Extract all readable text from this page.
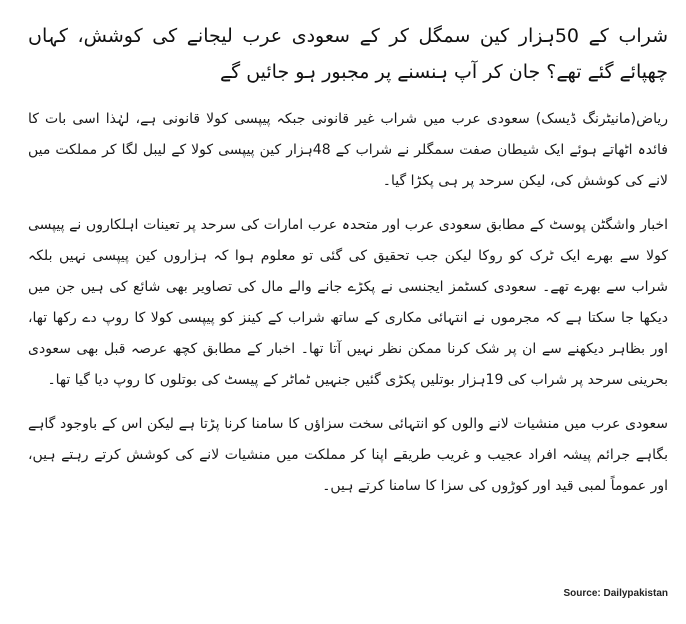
شراب کے 50ہزار کین سمگل کر کے سعودی عرب لیجانے کی کوشش، کہاں چھپائے گئے تھے؟ جان کر آپ ہنسنے پر مجبور ہو جائیں گے

ریاض(مانیٹرنگ ڈیسک) سعودی عرب میں شراب غیر قانونی جبکہ پیپسی کولا قانونی ہے، لہٰذا اسی بات کا فائدہ اٹھاتے ہوئے ایک شیطان صفت سمگلر نے شراب کے 48ہزار کین پیپسی کولا کے لیبل لگا کر مملکت میں لانے کی کوشش کی، لیکن سرحد پر ہی پکڑا گیا۔

اخبار واشگٹن پوسٹ کے مطابق سعودی عرب اور متحدہ عرب امارات کی سرحد پر تعینات اہلکاروں نے پیپسی کولا سے بھرے ایک ٹرک کو روکا لیکن جب تحقیق کی گئی تو معلوم ہوا کہ ہزاروں کین پیپسی نہیں بلکہ شراب سے بھرے تھے۔ سعودی کسٹمز ایجنسی نے پکڑے جانے والے مال کی تصاویر بھی شائع کی ہیں جن میں دیکھا جا سکتا ہے کہ مجرموں نے انتہائی مکاری کے ساتھ شراب کے کینز کو پیپسی کولا کا روپ دے رکھا تھا، اور بظاہر دیکھنے سے ان پر شک کرنا ممکن نظر نہیں آتا تھا۔ اخبار کے مطابق کچھ عرصہ قبل بھی سعودی بحرینی سرحد پر شراب کی 19ہزار بوتلیں پکڑی گئیں جنہیں ٹماٹر کے پیسٹ کی بوتلوں کا روپ دیا گیا تھا۔

سعودی عرب میں منشیات لانے والوں کو انتہائی سخت سزاﺅں کا سامنا کرنا پڑتا ہے لیکن اس کے باوجود گاہے بگاہے جرائم پیشہ افراد عجیب و غریب طریقے اپنا کر مملکت میں منشیات لانے کی کوشش کرتے رہتے ہیں، اور عموماً لمبی قید اور کوڑوں کی سزا کا سامنا کرتے ہیں۔

Source: Dailypakistan
